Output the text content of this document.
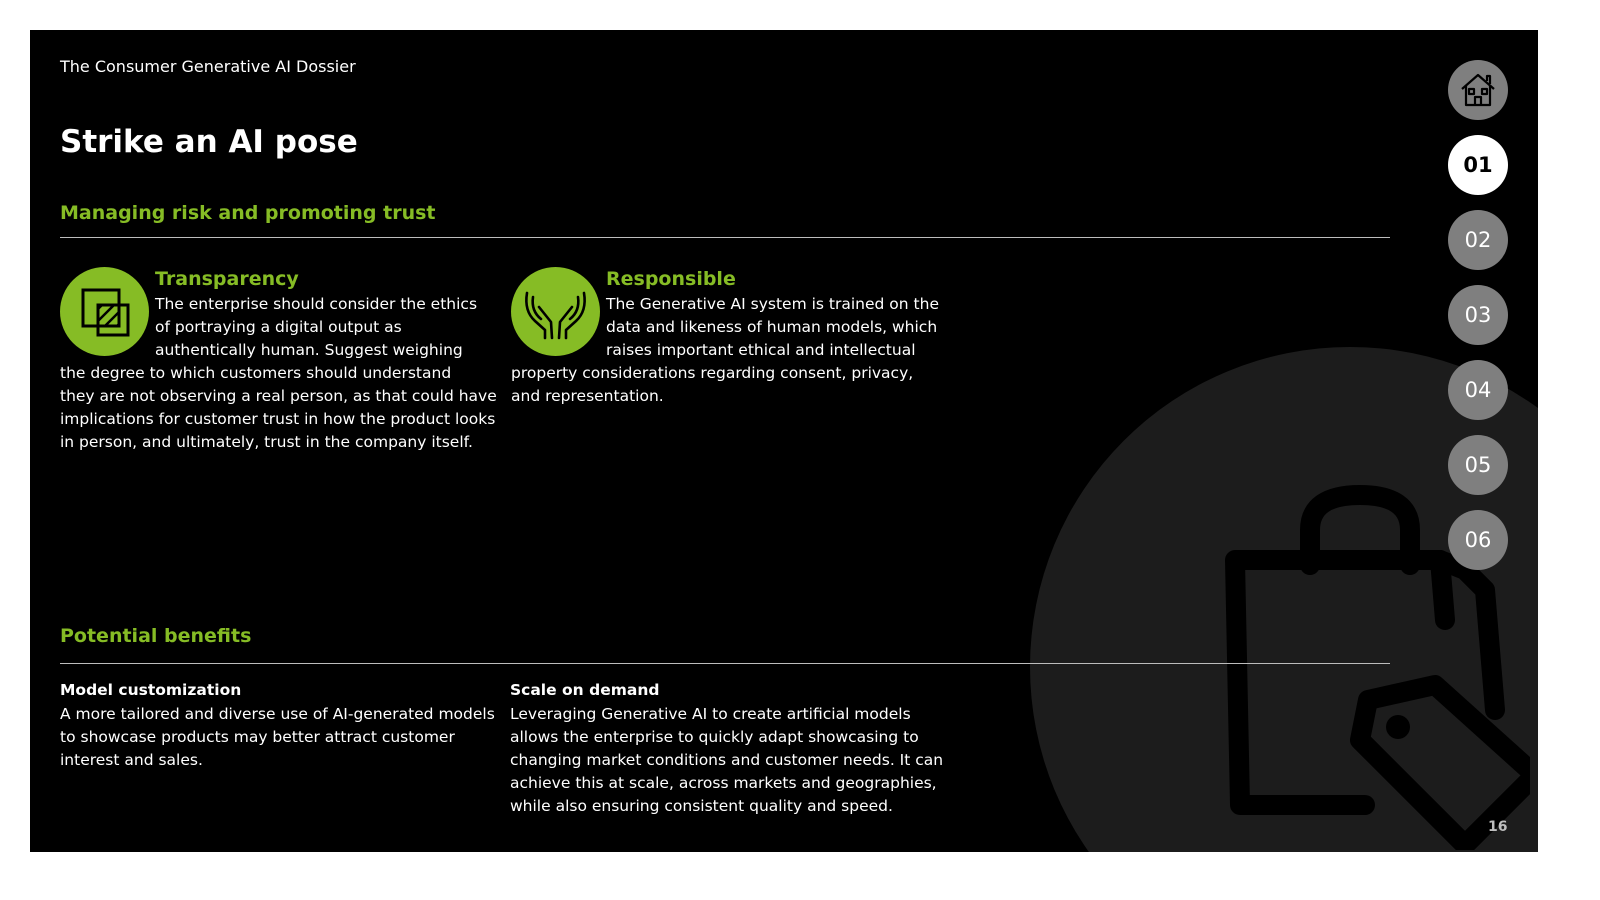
The Consumer Generative AI Dossier
Strike an AI pose
Managing risk and promoting trust
Transparency
The enterprise should consider the ethics
of portraying a digital output as
authentically human. Suggest weighing
the degree to which customers should understand
they are not observing a real person, as that could have
implications for customer trust in how the product looks
in person, and ultimately, trust in the company itself.
Responsible
The Generative AI system is trained on the
data and likeness of human models, which
raises important ethical and intellectual
property considerations regarding consent, privacy,
and representation.
Potential benefits
Model customization
A more tailored and diverse use of AI-generated models
to showcase products may better attract customer
interest and sales.
Scale on demand
Leveraging Generative AI to create artificial models
allows the enterprise to quickly adapt showcasing to
changing market conditions and customer needs. It can
achieve this at scale, across markets and geographies,
while also ensuring consistent quality and speed.
01
02
03
04
05
06
16
